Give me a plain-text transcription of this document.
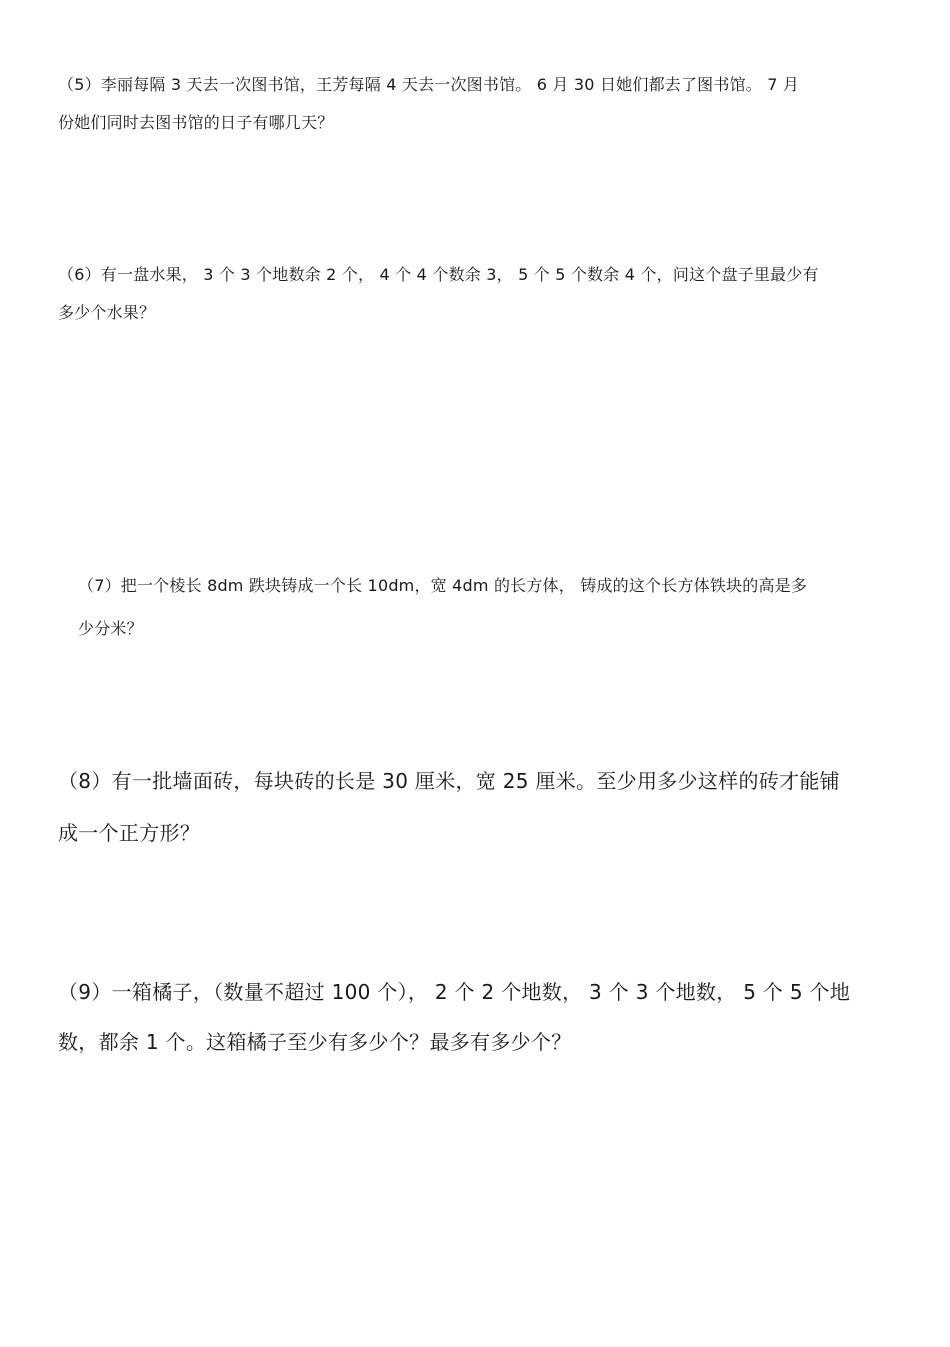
（5）李丽每隔 3 天去一次图书馆，王芳每隔 4 天去一次图书馆。 6 月 30 日她们都去了图书馆。 7 月
份她们同时去图书馆的日子有哪几天？
（6）有一盘水果， 3 个 3 个地数余 2 个， 4 个 4 个数余 3， 5 个 5 个数余 4 个，问这个盘子里最少有
多少个水果？
（7）把一个棱长 8dm 跌块铸成一个长 10dm，宽 4dm 的长方体， 铸成的这个长方体铁块的高是多
少分米？
（8）有一批墙面砖，每块砖的长是 30 厘米，宽 25 厘米。至少用多少这样的砖才能铺
成一个正方形？
（9）一箱橘子，（数量不超过 100 个）， 2 个 2 个地数， 3 个 3 个地数， 5 个 5 个地
数，都余 1 个。这箱橘子至少有多少个？最多有多少个？
